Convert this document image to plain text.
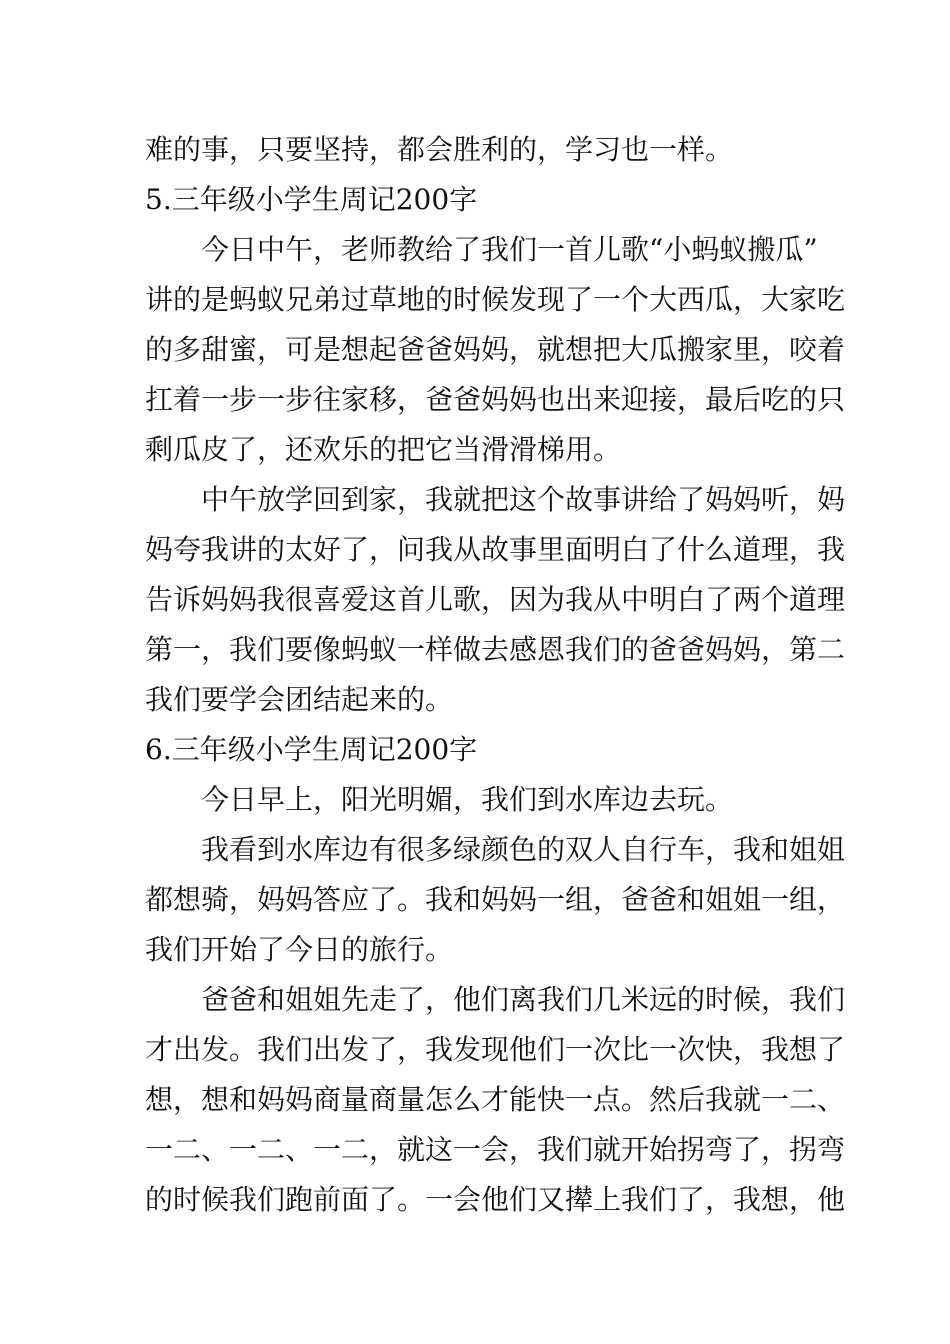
难的事，只要坚持，都会胜利的，学习也一样。
5.三年级小学生周记200字
今日中午，老师教给了我们一首儿歌“小蚂蚁搬瓜”
讲的是蚂蚁兄弟过草地的时候发现了一个大西瓜，大家吃
的多甜蜜，可是想起爸爸妈妈，就想把大瓜搬家里，咬着
扛着一步一步往家移，爸爸妈妈也出来迎接，最后吃的只
剩瓜皮了，还欢乐的把它当滑滑梯用。
中午放学回到家，我就把这个故事讲给了妈妈听，妈
妈夸我讲的太好了，问我从故事里面明白了什么道理，我
告诉妈妈我很喜爱这首儿歌，因为我从中明白了两个道理
第一，我们要像蚂蚁一样做去感恩我们的爸爸妈妈，第二
我们要学会团结起来的。
6.三年级小学生周记200字
今日早上，阳光明媚，我们到水库边去玩。
我看到水库边有很多绿颜色的双人自行车，我和姐姐
都想骑，妈妈答应了。我和妈妈一组，爸爸和姐姐一组，
我们开始了今日的旅行。
爸爸和姐姐先走了，他们离我们几米远的时候，我们
才出发。我们出发了，我发现他们一次比一次快，我想了
想，想和妈妈商量商量怎么才能快一点。然后我就一二、
一二、一二、一二，就这一会，我们就开始拐弯了，拐弯
的时候我们跑前面了。一会他们又撵上我们了，我想，他
